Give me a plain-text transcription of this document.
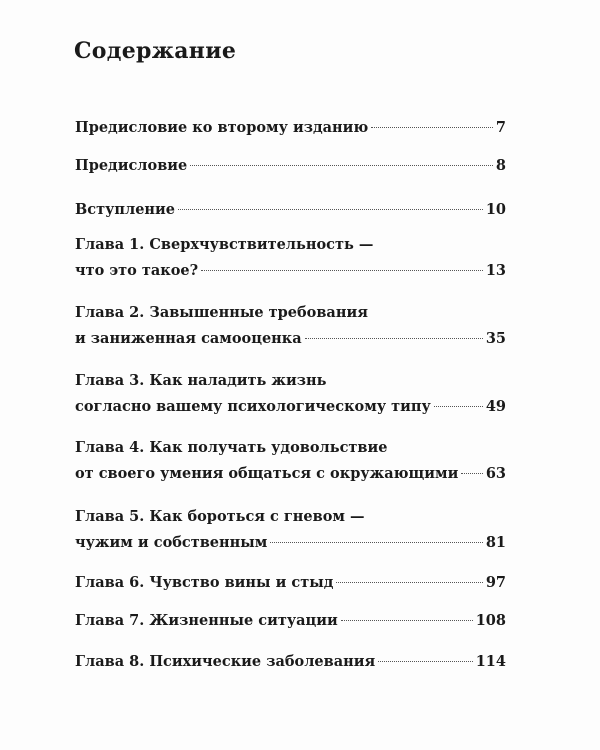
Содержание
Предисловие ко второму изданию	7
Предисловие	8
Вступление	10
Глава 1.
Сверхчувствительность —
что это такое?	13
Глава 2.
Завышенные требования
и заниженная самооценка	35
Глава 3.
Как наладить жизнь
согласно вашему психологическому типу	49
Глава 4.
Как получать удовольствие
от своего умения общаться с окружающими 63
Глава 5.
Как бороться с гневом —
чужим и собственным	81
Глава 6.
Чувство вины и стыд	97
Глава 7.
Жизненные ситуации	108
Глава 8.
Психические заболевания	114
